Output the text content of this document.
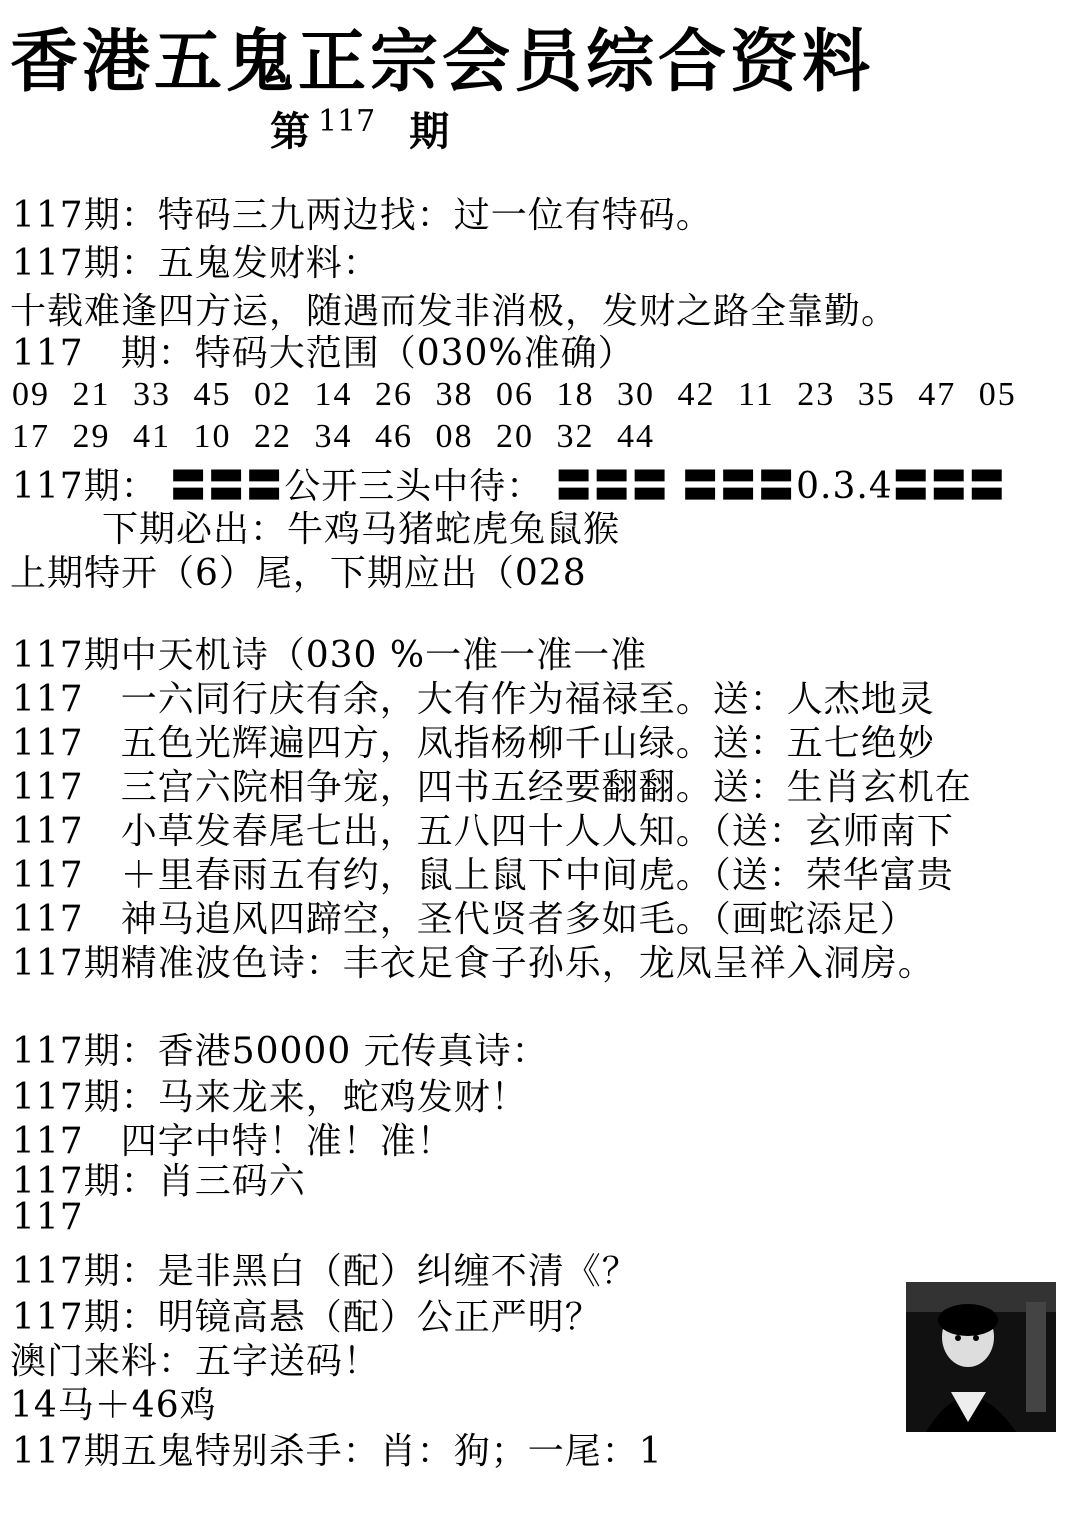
香港五鬼正宗会员综合资料
第 $^{117}$ 期
117期：特码三九两边找：过一位有特码。
117期：五鬼发财料：
十载难逢四方运，随遇而发非消极，发财之路全靠勤。
117　期：特码大范围（030%准确）
09 21 33 45 02 14 26 38 06 18 30 42 11 23 35 47 05
17 29 41 10 22 34 46 08 20 32 44
117期： 〓〓〓公开三头中待： 〓〓〓 〓〓〓0.3.4〓〓〓
下期必出：牛鸡马猪蛇虎兔鼠猴
上期特开（6）尾，下期应出（028
117期中天机诗（030 %一准一准一准
117　一六同行庆有余，大有作为福禄至。送：人杰地灵
117　五色光辉遍四方，凤指杨柳千山绿。送：五七绝妙
117　三宫六院相争宠，四书五经要翻翻。送：生肖玄机在
117　小草发春尾七出，五八四十人人知。（送：玄师南下
117　＋里春雨五有约，鼠上鼠下中间虎。（送：荣华富贵
117　神马追风四蹄空，圣代贤者多如毛。（画蛇添足）
117期精准波色诗：丰衣足食子孙乐，龙凤呈祥入洞房。
117期：香港50000 元传真诗：
117期：马来龙来，蛇鸡发财！
117　四字中特！准！准！
117期：肖三码六
117
117期：是非黑白（配）纠缠不清《？
117期：明镜高悬（配）公正严明？
澳门来料：五字送码！
14马＋46鸡
117期五鬼特别杀手：肖：狗；一尾：1
